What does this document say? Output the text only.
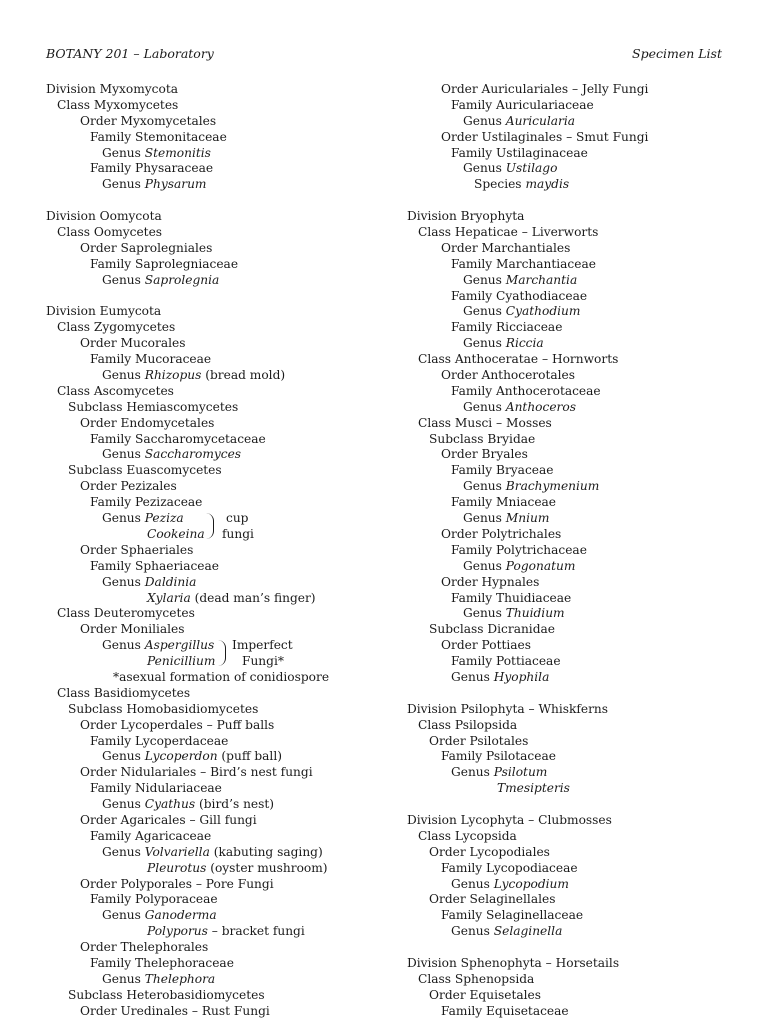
BOTANY 201 – Laboratory	Specimen List
Division Myxomycota
Class Myxomycetes
Order Myxomycetales
Family Stemonitaceae
Genus Stemonitis
Family Physaraceae
Genus Physarum
Division Oomycota
Class Oomycetes
Order Saprolegniales
Family Saprolegniaceae
Genus Saprolegnia
Division Eumycota
Class Zygomycetes
Order Mucorales
Family Mucoraceae
Genus Rhizopus (bread mold)
Class Ascomycetes
Subclass Hemiascomycetes
Order Endomycetales
Family Saccharomycetaceae
Genus Saccharomyces
Subclass Euascomycetes
Order Pezizales
Family Pezizaceae
Genus Peziza	cup
Cookeina fungi
Order Sphaeriales
Family Sphaeriaceae
Genus Daldinia
Xylaria (dead man’s finger)
Class Deuteromycetes
Order Moniliales
Genus Aspergillus Imperfect
Penicillium Fungi*
*asexual formation of conidiospore
Class Basidiomycetes
Subclass Homobasidiomycetes
Order Lycoperdales – Puff balls
Family Lycoperdaceae
Genus Lycoperdon (puff ball)
Order Nidulariales – Bird’s nest fungi
Family Nidulariaceae
Genus Cyathus (bird’s nest)
Order Agaricales – Gill fungi
Family Agaricaceae
Genus Volvariella (kabuting saging)
Pleurotus (oyster mushroom)
Order Polyporales – Pore Fungi
Family Polyporaceae
Genus Ganoderma
Polyporus – bracket fungi
Order Thelephorales
Family Thelephoraceae
Genus Thelephora
Subclass Heterobasidiomycetes
Order Uredinales – Rust Fungi
Order Auriculariales – Jelly Fungi
Family Auriculariaceae
Genus Auricularia
Order Ustilaginales – Smut Fungi
Family Ustilaginaceae
Genus Ustilago
Species maydis
Division Bryophyta
Class Hepaticae – Liverworts
Order Marchantiales
Family Marchantiaceae
Genus Marchantia
Family Cyathodiaceae
Genus Cyathodium
Family Ricciaceae
Genus Riccia
Class Anthoceratae – Hornworts
Order Anthocerotales
Family Anthocerotaceae
Genus Anthoceros
Class Musci – Mosses
Subclass Bryidae
Order Bryales
Family Bryaceae
Genus Brachymenium
Family Mniaceae
Genus Mnium
Order Polytrichales
Family Polytrichaceae
Genus Pogonatum
Order Hypnales
Family Thuidiaceae
Genus Thuidium
Subclass Dicranidae
Order Pottiaes
Family Pottiaceae
Genus Hyophila
Division Psilophyta – Whiskferns
Class Psilopsida
Order Psilotales
Family Psilotaceae
Genus Psilotum
Tmesipteris
Division Lycophyta – Clubmosses
Class Lycopsida
Order Lycopodiales
Family Lycopodiaceae
Genus Lycopodium
Order Selaginellales
Family Selaginellaceae
Genus Selaginella
Division Sphenophyta – Horsetails
Class Sphenopsida
Order Equisetales
Family Equisetaceae
